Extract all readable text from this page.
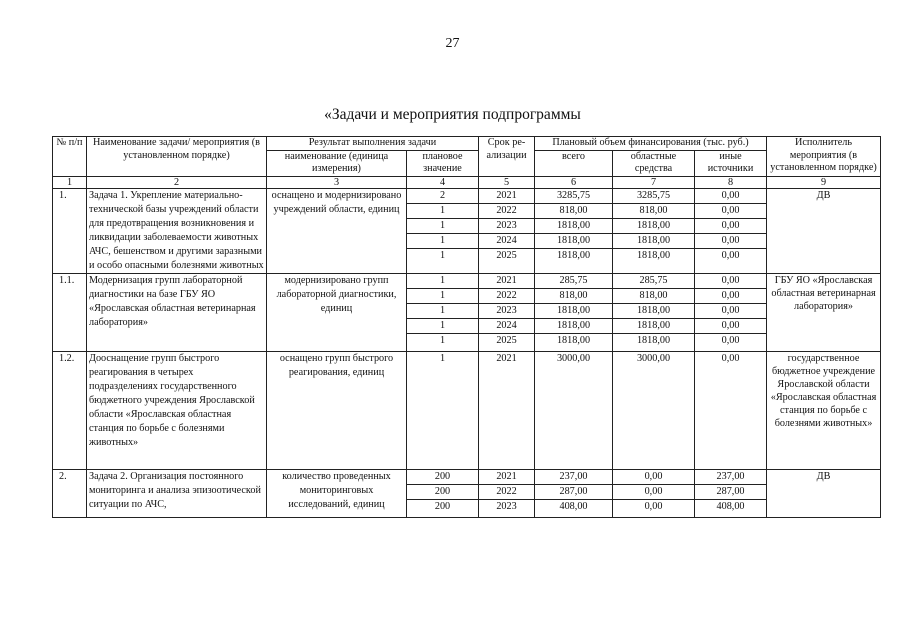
27
«Задачи и мероприятия подпрограммы
№ п/п	Наименование задачи/ мероприятия (в установленном порядке)	Результат выполнения задачи		Срок ре-ализации	Плановый объем финансирования (тыс. руб.)			Исполнитель мероприятия (в установленном порядке)
		наименование (единица измерения)	плановое значение		всего	областные средства	иные источники	
1	2	3	4	5	6	7	8	9
1.	Задача 1. Укрепление материально-технической базы учреждений области для предотвращения возникновения и ликвидации заболеваемости животных АЧС, бешенством и другими заразными и особо опасными болезнями животных	оснащено и модернизировано учреждений области, единиц	2	2021	3285,75	3285,75	0,00	ДВ
			1	2022	818,00	818,00	0,00	
			1	2023	1818,00	1818,00	0,00	
			1	2024	1818,00	1818,00	0,00	
			1	2025	1818,00	1818,00	0,00	
1.1.	Модернизация групп лабораторной диагностики на базе ГБУ ЯО «Ярославская областная ветеринарная лаборатория»	модернизировано групп лабораторной диагностики, единиц	1	2021	285,75	285,75	0,00	ГБУ ЯО «Ярославская областная ветеринарная лаборатория»
			1	2022	818,00	818,00	0,00	
			1	2023	1818,00	1818,00	0,00	
			1	2024	1818,00	1818,00	0,00	
			1	2025	1818,00	1818,00	0,00	
1.2.	Дооснащение групп быстрого реагирования в четырех подразделениях государственного бюджетного учреждения Ярославской области «Ярославская областная станция по борьбе с болезнями животных»	оснащено групп быстрого реагирования, единиц	1	2021	3000,00	3000,00	0,00	государственное бюджетное учреждение Ярославской области «Ярославская областная станция по борьбе с болезнями животных»
2.	Задача 2. Организация постоянного мониторинга и анализа эпизоотической ситуации по АЧС,	количество проведенных мониторинговых исследований, единиц	200	2021	237,00	0,00	237,00	ДВ
			200	2022	287,00	0,00	287,00	
			200	2023	408,00	0,00	408,00	
